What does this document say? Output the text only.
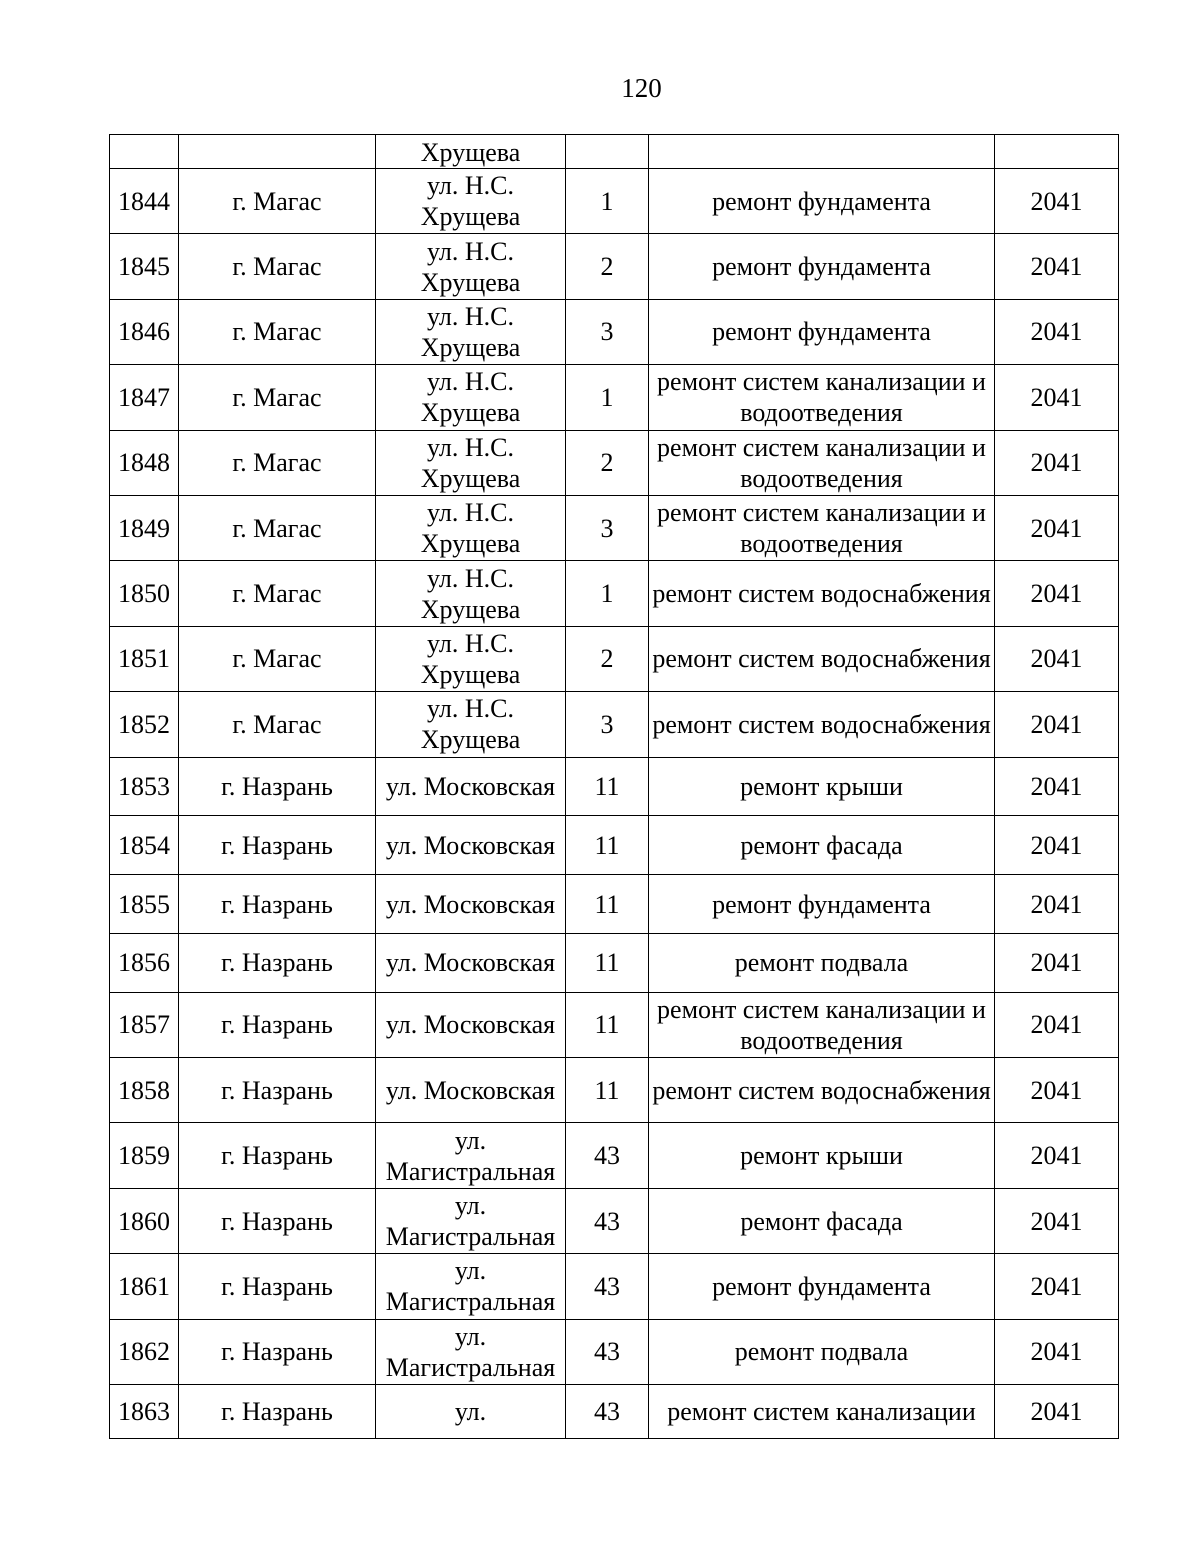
120
		Хрущева			
1844	г. Магас	ул. Н.С. Хрущева	1	ремонт фундамента	2041
1845	г. Магас	ул. Н.С. Хрущева	2	ремонт фундамента	2041
1846	г. Магас	ул. Н.С. Хрущева	3	ремонт фундамента	2041
1847	г. Магас	ул. Н.С. Хрущева	1	ремонт систем канализации и водоотведения	2041
1848	г. Магас	ул. Н.С. Хрущева	2	ремонт систем канализации и водоотведения	2041
1849	г. Магас	ул. Н.С. Хрущева	3	ремонт систем канализации и водоотведения	2041
1850	г. Магас	ул. Н.С. Хрущева	1	ремонт систем водоснабжения	2041
1851	г. Магас	ул. Н.С. Хрущева	2	ремонт систем водоснабжения	2041
1852	г. Магас	ул. Н.С. Хрущева	3	ремонт систем водоснабжения	2041
1853	г. Назрань	ул. Московская	11	ремонт крыши	2041
1854	г. Назрань	ул. Московская	11	ремонт фасада	2041
1855	г. Назрань	ул. Московская	11	ремонт фундамента	2041
1856	г. Назрань	ул. Московская	11	ремонт подвала	2041
1857	г. Назрань	ул. Московская	11	ремонт систем канализации и водоотведения	2041
1858	г. Назрань	ул. Московская	11	ремонт систем водоснабжения	2041
1859	г. Назрань	ул. Магистральная	43	ремонт крыши	2041
1860	г. Назрань	ул. Магистральная	43	ремонт фасада	2041
1861	г. Назрань	ул. Магистральная	43	ремонт фундамента	2041
1862	г. Назрань	ул. Магистральная	43	ремонт подвала	2041
1863	г. Назрань	ул.	43	ремонт систем канализации	2041
